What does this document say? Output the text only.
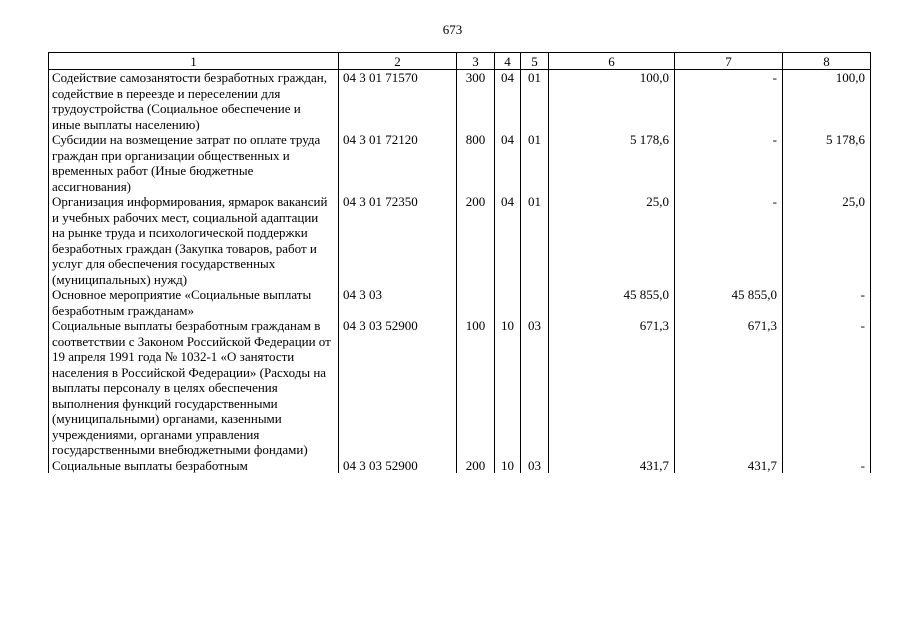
673
1	2	3	4	5	6	7	8
Содействие самозанятости безработных граждан, содействие в переезде и переселении для трудоустройства (Социальное обеспечение и иные выплаты населению)	04 3 01 71570	300	04	01	100,0	-	100,0
Субсидии на возмещение затрат по оплате труда граждан при организации общественных и временных работ (Иные бюджетные ассигнования)	04 3 01 72120	800	04	01	5 178,6	-	5 178,6
Организация информирования, ярмарок вакансий и учебных рабочих мест, социальной адаптации на рынке труда и психологической поддержки безработных граждан (Закупка товаров, работ и услуг для обеспечения государственных (муниципальных) нужд)	04 3 01 72350	200	04	01	25,0	-	25,0
Основное мероприятие «Социальные выплаты безработным гражданам»	04 3 03				45 855,0	45 855,0	-
Социальные выплаты безработным гражданам в соответствии с Законом Российской Федерации от 19 апреля 1991 года № 1032-1 «О занятости населения в Российской Федерации» (Расходы на выплаты персоналу в целях обеспечения выполнения функций государственными (муниципальными) органами, казенными учреждениями, органами управления государственными внебюджетными фондами)	04 3 03 52900	100	10	03	671,3	671,3	-
Социальные выплаты безработным	04 3 03 52900	200	10	03	431,7	431,7	-
